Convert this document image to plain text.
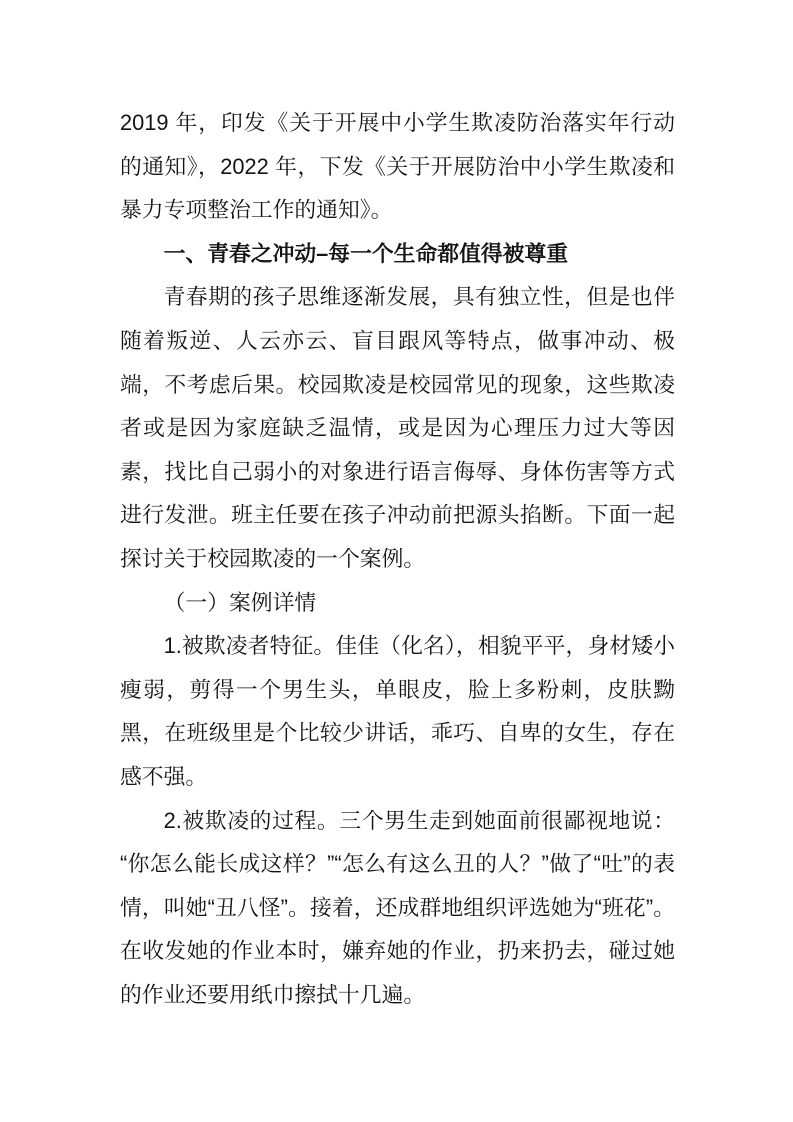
2019 年，印发《关于开展中小学生欺凌防治落实年行动的通知》，2022 年，下发《关于开展防治中小学生欺凌和暴力专项整治工作的通知》。

一、青春之冲动–每一个生命都值得被尊重

青春期的孩子思维逐渐发展，具有独立性，但是也伴随着叛逆、人云亦云、盲目跟风等特点，做事冲动、极端，不考虑后果。校园欺凌是校园常见的现象，这些欺凌者或是因为家庭缺乏温情，或是因为心理压力过大等因素，找比自己弱小的对象进行语言侮辱、身体伤害等方式进行发泄。班主任要在孩子冲动前把源头掐断。下面一起探讨关于校园欺凌的一个案例。

（一）案例详情

1.被欺凌者特征。佳佳（化名），相貌平平，身材矮小瘦弱，剪得一个男生头，单眼皮，脸上多粉刺，皮肤黝黑，在班级里是个比较少讲话，乖巧、自卑的女生，存在感不强。

2.被欺凌的过程。三个男生走到她面前很鄙视地说：“你怎么能长成这样？”“怎么有这么丑的人？”做了“吐”的表情，叫她“丑八怪”。接着，还成群地组织评选她为“班花”。在收发她的作业本时，嫌弃她的作业，扔来扔去，碰过她的作业还要用纸巾擦拭十几遍。
